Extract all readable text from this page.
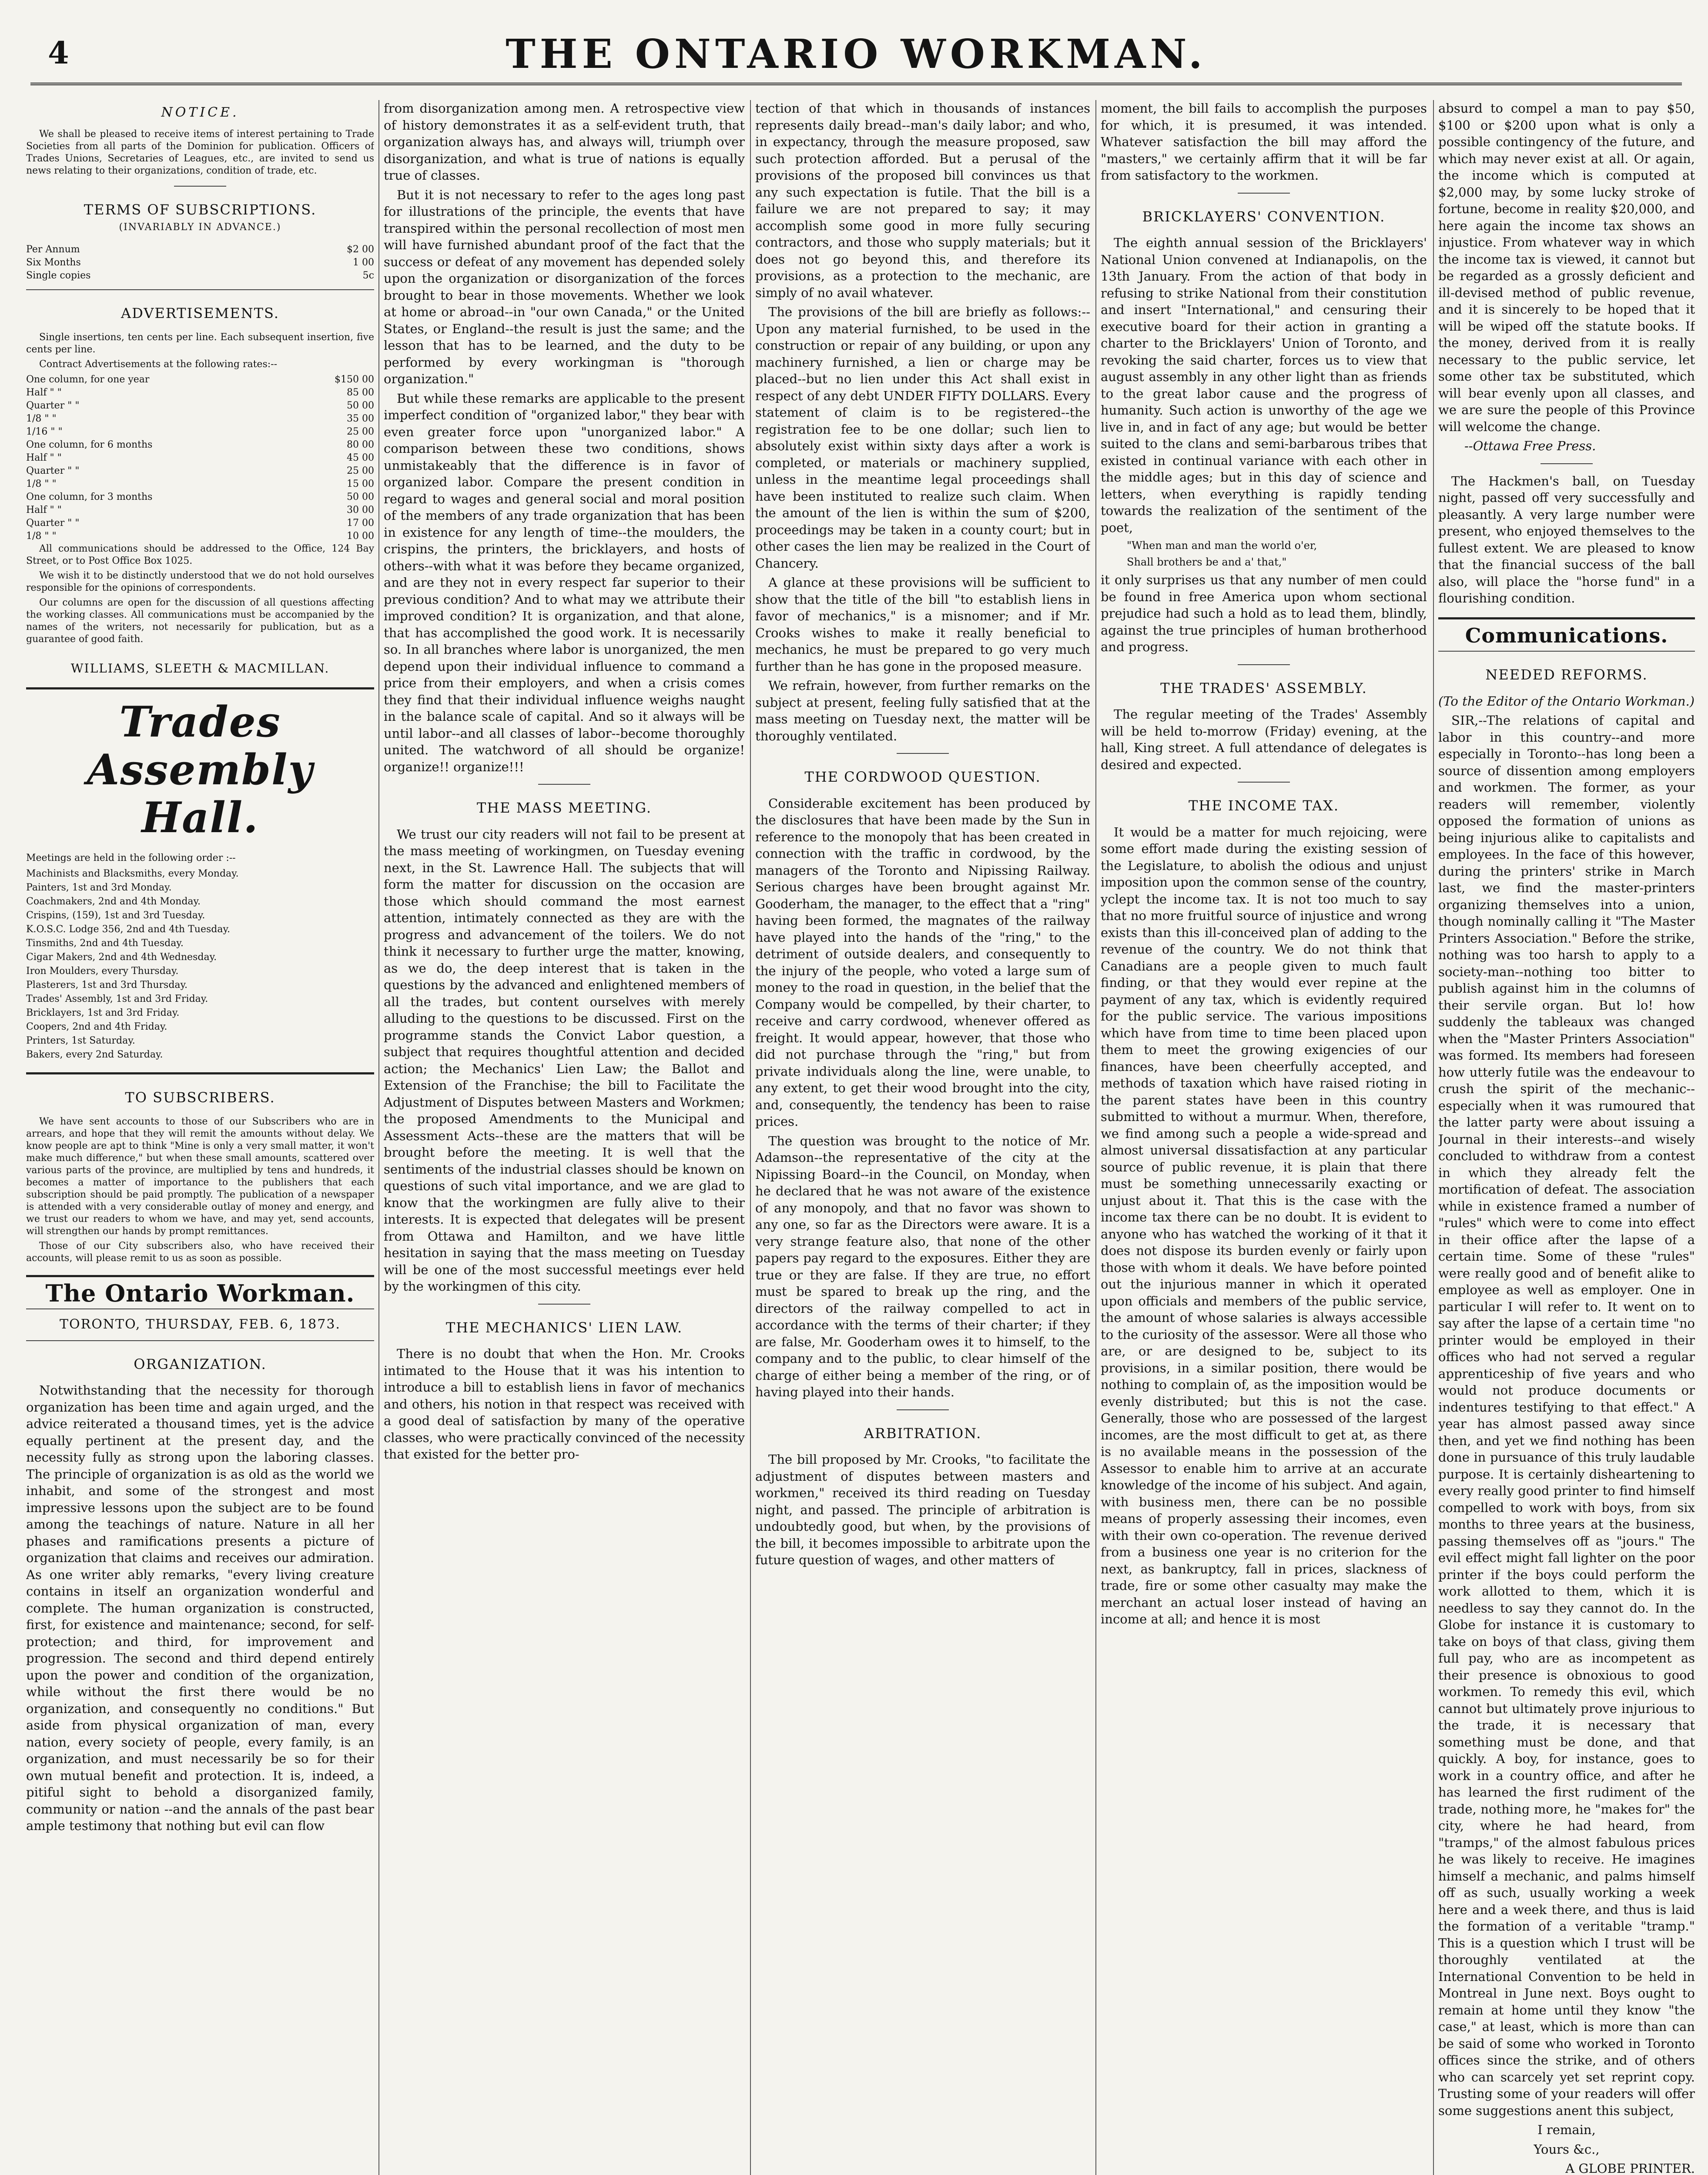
4	THE ONTARIO WORKMAN.
NOTICE.

We shall be pleased to receive items of interest pertaining to Trade Societies from all parts of the Dominion for publication. Officers of Trades Unions, Secretaries of Leagues, etc., are invited to send us news relating to their organizations, condition of trade, etc.

TERMS OF SUBSCRIPTIONS.
(INVARIABLY IN ADVANCE.)
Per Annum	$2 00
Six Months	1 00
Single copies	5c
ADVERTISEMENTS.

Single insertions, ten cents per line. Each subsequent insertion, five cents per line.

Contract Advertisements at the following rates:--

One column, for one year	$150 00
Half " "	85 00
Quarter " "	50 00
1/8 " "	35 00
1/16 " "	25 00
One column, for 6 months	80 00
Half " "	45 00
Quarter " "	25 00
1/8 " "	15 00
One column, for 3 months	50 00
Half " "	30 00
Quarter " "	17 00
1/8 " "	10 00

All communications should be addressed to the Office, 124 Bay Street, or to Post Office Box 1025.

We wish it to be distinctly understood that we do not hold ourselves responsible for the opinions of correspondents.

Our columns are open for the discussion of all questions affecting the working classes. All communications must be accompanied by the names of the writers, not necessarily for publication, but as a guarantee of good faith.

WILLIAMS, SLEETH & MACMILLAN.
Trades Assembly Hall.

Meetings are held in the following order :--

Machinists and Blacksmiths, every Monday.
Painters, 1st and 3rd Monday.
Coachmakers, 2nd and 4th Monday.
Crispins, (159), 1st and 3rd Tuesday.
K.O.S.C. Lodge 356, 2nd and 4th Tuesday.
Tinsmiths, 2nd and 4th Tuesday.
Cigar Makers, 2nd and 4th Wednesday.
Iron Moulders, every Thursday.
Plasterers, 1st and 3rd Thursday.
Trades' Assembly, 1st and 3rd Friday.
Bricklayers, 1st and 3rd Friday.
Coopers, 2nd and 4th Friday.
Printers, 1st Saturday.
Bakers, every 2nd Saturday.
TO SUBSCRIBERS.

We have sent accounts to those of our Subscribers who are in arrears, and hope that they will remit the amounts without delay. We know people are apt to think "Mine is only a very small matter, it won't make much difference," but when these small amounts, scattered over various parts of the province, are multiplied by tens and hundreds, it becomes a matter of importance to the publishers that each subscription should be paid promptly. The publication of a newspaper is attended with a very considerable outlay of money and energy, and we trust our readers to whom we have, and may yet, send accounts, will strengthen our hands by prompt remittances.

Those of our City subscribers also, who have received their accounts, will please remit to us as soon as possible.

The Ontario Workman.
TORONTO, THURSDAY, FEB. 6, 1873.
ORGANIZATION.

Notwithstanding that the necessity for thorough organization has been time and again urged, and the advice reiterated a thousand times, yet is the advice equally pertinent at the present day, and the necessity fully as strong upon the laboring classes. The principle of organization is as old as the world we inhabit, and some of the strongest and most impressive lessons upon the subject are to be found among the teachings of nature. Nature in all her phases and ramifications presents a picture of organization that claims and receives our admiration. As one writer ably remarks, "every living creature contains in itself an organization wonderful and complete. The human organization is constructed, first, for existence and maintenance; second, for self-protection; and third, for improvement and progression. The second and third depend entirely upon the power and condition of the organization, while without the first there would be no organization, and consequently no conditions." But aside from physical organization of man, every nation, every society of people, every family, is an organization, and must necessarily be so for their own mutual benefit and protection. It is, indeed, a pitiful sight to behold a disorganized family, community or nation --and the annals of the past bear ample testimony that nothing but evil can flow

from disorganization among men. A retrospective view of history demonstrates it as a self-evident truth, that organization always has, and always will, triumph over disorganization, and what is true of nations is equally true of classes.

But it is not necessary to refer to the ages long past for illustrations of the principle, the events that have transpired within the personal recollection of most men will have furnished abundant proof of the fact that the success or defeat of any movement has depended solely upon the organization or disorganization of the forces brought to bear in those movements. Whether we look at home or abroad--in "our own Canada," or the United States, or England--the result is just the same; and the lesson that has to be learned, and the duty to be performed by every workingman is "thorough organization."

But while these remarks are applicable to the present imperfect condition of "organized labor," they bear with even greater force upon "unorganized labor." A comparison between these two conditions, shows unmistakeably that the difference is in favor of organized labor. Compare the present condition in regard to wages and general social and moral position of the members of any trade organization that has been in existence for any length of time--the moulders, the crispins, the printers, the bricklayers, and hosts of others--with what it was before they became organized, and are they not in every respect far superior to their previous condition? And to what may we attribute their improved condition? It is organization, and that alone, that has accomplished the good work. It is necessarily so. In all branches where labor is unorganized, the men depend upon their individual influence to command a price from their employers, and when a crisis comes they find that their individual influence weighs naught in the balance scale of capital. And so it always will be until labor--and all classes of labor--become thoroughly united. The watchword of all should be organize! organize!! organize!!!

THE MASS MEETING.

We trust our city readers will not fail to be present at the mass meeting of workingmen, on Tuesday evening next, in the St. Lawrence Hall. The subjects that will form the matter for discussion on the occasion are those which should command the most earnest attention, intimately connected as they are with the progress and advancement of the toilers. We do not think it necessary to further urge the matter, knowing, as we do, the deep interest that is taken in the questions by the advanced and enlightened members of all the trades, but content ourselves with merely alluding to the questions to be discussed. First on the programme stands the Convict Labor question, a subject that requires thoughtful attention and decided action; the Mechanics' Lien Law; the Ballot and Extension of the Franchise; the bill to Facilitate the Adjustment of Disputes between Masters and Workmen; the proposed Amendments to the Municipal and Assessment Acts--these are the matters that will be brought before the meeting. It is well that the sentiments of the industrial classes should be known on questions of such vital importance, and we are glad to know that the workingmen are fully alive to their interests. It is expected that delegates will be present from Ottawa and Hamilton, and we have little hesitation in saying that the mass meeting on Tuesday will be one of the most successful meetings ever held by the workingmen of this city.

THE MECHANICS' LIEN LAW.

There is no doubt that when the Hon. Mr. Crooks intimated to the House that it was his intention to introduce a bill to establish liens in favor of mechanics and others, his notion in that respect was received with a good deal of satisfaction by many of the operative classes, who were practically convinced of the necessity that existed for the better pro-

tection of that which in thousands of instances represents daily bread--man's daily labor; and who, in expectancy, through the measure proposed, saw such protection afforded. But a perusal of the provisions of the proposed bill convinces us that any such expectation is futile. That the bill is a failure we are not prepared to say; it may accomplish some good in more fully securing contractors, and those who supply materials; but it does not go beyond this, and therefore its provisions, as a protection to the mechanic, are simply of no avail whatever.

The provisions of the bill are briefly as follows:--Upon any material furnished, to be used in the construction or repair of any building, or upon any machinery furnished, a lien or charge may be placed--but no lien under this Act shall exist in respect of any debt UNDER FIFTY DOLLARS. Every statement of claim is to be registered--the registration fee to be one dollar; such lien to absolutely exist within sixty days after a work is completed, or materials or machinery supplied, unless in the meantime legal proceedings shall have been instituted to realize such claim. When the amount of the lien is within the sum of $200, proceedings may be taken in a county court; but in other cases the lien may be realized in the Court of Chancery.

A glance at these provisions will be sufficient to show that the title of the bill "to establish liens in favor of mechanics," is a misnomer; and if Mr. Crooks wishes to make it really beneficial to mechanics, he must be prepared to go very much further than he has gone in the proposed measure.

We refrain, however, from further remarks on the subject at present, feeling fully satisfied that at the mass meeting on Tuesday next, the matter will be thoroughly ventilated.

THE CORDWOOD QUESTION.

Considerable excitement has been produced by the disclosures that have been made by the Sun in reference to the monopoly that has been created in connection with the traffic in cordwood, by the managers of the Toronto and Nipissing Railway. Serious charges have been brought against Mr. Gooderham, the manager, to the effect that a "ring" having been formed, the magnates of the railway have played into the hands of the "ring," to the detriment of outside dealers, and consequently to the injury of the people, who voted a large sum of money to the road in question, in the belief that the Company would be compelled, by their charter, to receive and carry cordwood, whenever offered as freight. It would appear, however, that those who did not purchase through the "ring," but from private individuals along the line, were unable, to any extent, to get their wood brought into the city, and, consequently, the tendency has been to raise prices.

The question was brought to the notice of Mr. Adamson--the representative of the city at the Nipissing Board--in the Council, on Monday, when he declared that he was not aware of the existence of any monopoly, and that no favor was shown to any one, so far as the Directors were aware. It is a very strange feature also, that none of the other papers pay regard to the exposures. Either they are true or they are false. If they are true, no effort must be spared to break up the ring, and the directors of the railway compelled to act in accordance with the terms of their charter; if they are false, Mr. Gooderham owes it to himself, to the company and to the public, to clear himself of the charge of either being a member of the ring, or of having played into their hands.

ARBITRATION.

The bill proposed by Mr. Crooks, "to facilitate the adjustment of disputes between masters and workmen," received its third reading on Tuesday night, and passed. The principle of arbitration is undoubtedly good, but when, by the provisions of the bill, it becomes impossible to arbitrate upon the future question of wages, and other matters of

moment, the bill fails to accomplish the purposes for which, it is presumed, it was intended. Whatever satisfaction the bill may afford the "masters," we certainly affirm that it will be far from satisfactory to the workmen.

BRICKLAYERS' CONVENTION.

The eighth annual session of the Bricklayers' National Union convened at Indianapolis, on the 13th January. From the action of that body in refusing to strike National from their constitution and insert "International," and censuring their executive board for their action in granting a charter to the Bricklayers' Union of Toronto, and revoking the said charter, forces us to view that august assembly in any other light than as friends to the great labor cause and the progress of humanity. Such action is unworthy of the age we live in, and in fact of any age; but would be better suited to the clans and semi-barbarous tribes that existed in continual variance with each other in the middle ages; but in this day of science and letters, when everything is rapidly tending towards the realization of the sentiment of the poet,

"When man and man the world o'er,

Shall brothers be and a' that,"

it only surprises us that any number of men could be found in free America upon whom sectional prejudice had such a hold as to lead them, blindly, against the true principles of human brotherhood and progress.

THE TRADES' ASSEMBLY.

The regular meeting of the Trades' Assembly will be held to-morrow (Friday) evening, at the hall, King street. A full attendance of delegates is desired and expected.

THE INCOME TAX.

It would be a matter for much rejoicing, were some effort made during the existing session of the Legislature, to abolish the odious and unjust imposition upon the common sense of the country, yclept the income tax. It is not too much to say that no more fruitful source of injustice and wrong exists than this ill-conceived plan of adding to the revenue of the country. We do not think that Canadians are a people given to much fault finding, or that they would ever repine at the payment of any tax, which is evidently required for the public service. The various impositions which have from time to time been placed upon them to meet the growing exigencies of our finances, have been cheerfully accepted, and methods of taxation which have raised rioting in the parent states have been in this country submitted to without a murmur. When, therefore, we find among such a people a wide-spread and almost universal dissatisfaction at any particular source of public revenue, it is plain that there must be something unnecessarily exacting or unjust about it. That this is the case with the income tax there can be no doubt. It is evident to anyone who has watched the working of it that it does not dispose its burden evenly or fairly upon those with whom it deals. We have before pointed out the injurious manner in which it operated upon officials and members of the public service, the amount of whose salaries is always accessible to the curiosity of the assessor. Were all those who are, or are designed to be, subject to its provisions, in a similar position, there would be nothing to complain of, as the imposition would be evenly distributed; but this is not the case. Generally, those who are possessed of the largest incomes, are the most difficult to get at, as there is no available means in the possession of the Assessor to enable him to arrive at an accurate knowledge of the income of his subject. And again, with business men, there can be no possible means of properly assessing their incomes, even with their own co-operation. The revenue derived from a business one year is no criterion for the next, as bankruptcy, fall in prices, slackness of trade, fire or some other casualty may make the merchant an actual loser instead of having an income at all; and hence it is most

absurd to compel a man to pay $50, $100 or $200 upon what is only a possible contingency of the future, and which may never exist at all. Or again, the income which is computed at $2,000 may, by some lucky stroke of fortune, become in reality $20,000, and here again the income tax shows an injustice. From whatever way in which the income tax is viewed, it cannot but be regarded as a grossly deficient and ill-devised method of public revenue, and it is sincerely to be hoped that it will be wiped off the statute books. If the money, derived from it is really necessary to the public service, let some other tax be substituted, which will bear evenly upon all classes, and we are sure the people of this Province will welcome the change.

--Ottawa Free Press.

The Hackmen's ball, on Tuesday night, passed off very successfully and pleasantly. A very large number were present, who enjoyed themselves to the fullest extent. We are pleased to know that the financial success of the ball also, will place the "horse fund" in a flourishing condition.

Communications.
NEEDED REFORMS.

(To the Editor of the Ontario Workman.)

SIR,--The relations of capital and labor in this country--and more especially in Toronto--has long been a source of dissention among employers and workmen. The former, as your readers will remember, violently opposed the formation of unions as being injurious alike to capitalists and employees. In the face of this however, during the printers' strike in March last, we find the master-printers organizing themselves into a union, though nominally calling it "The Master Printers Association." Before the strike, nothing was too harsh to apply to a society-man--nothing too bitter to publish against him in the columns of their servile organ. But lo! how suddenly the tableaux was changed when the "Master Printers Association" was formed. Its members had foreseen how utterly futile was the endeavour to crush the spirit of the mechanic--especially when it was rumoured that the latter party were about issuing a Journal in their interests--and wisely concluded to withdraw from a contest in which they already felt the mortification of defeat. The association while in existence framed a number of "rules" which were to come into effect in their office after the lapse of a certain time. Some of these "rules" were really good and of benefit alike to employee as well as employer. One in particular I will refer to. It went on to say after the lapse of a certain time "no printer would be employed in their offices who had not served a regular apprenticeship of five years and who would not produce documents or indentures testifying to that effect." A year has almost passed away since then, and yet we find nothing has been done in pursuance of this truly laudable purpose. It is certainly disheartening to every really good printer to find himself compelled to work with boys, from six months to three years at the business, passing themselves off as "jours." The evil effect might fall lighter on the poor printer if the boys could perform the work allotted to them, which it is needless to say they cannot do. In the Globe for instance it is customary to take on boys of that class, giving them full pay, who are as incompetent as their presence is obnoxious to good workmen. To remedy this evil, which cannot but ultimately prove injurious to the trade, it is necessary that something must be done, and that quickly. A boy, for instance, goes to work in a country office, and after he has learned the first rudiment of the trade, nothing more, he "makes for" the city, where he had heard, from "tramps," of the almost fabulous prices he was likely to receive. He imagines himself a mechanic, and palms himself off as such, usually working a week here and a week there, and thus is laid the formation of a veritable "tramp." This is a question which I trust will be thoroughly ventilated at the International Convention to be held in Montreal in June next. Boys ought to remain at home until they know "the case," at least, which is more than can be said of some who worked in Toronto offices since the strike, and of others who can scarcely yet set reprint copy. Trusting some of your readers will offer some suggestions anent this subject,

I remain,

Yours &c.,

A GLOBE PRINTER.
